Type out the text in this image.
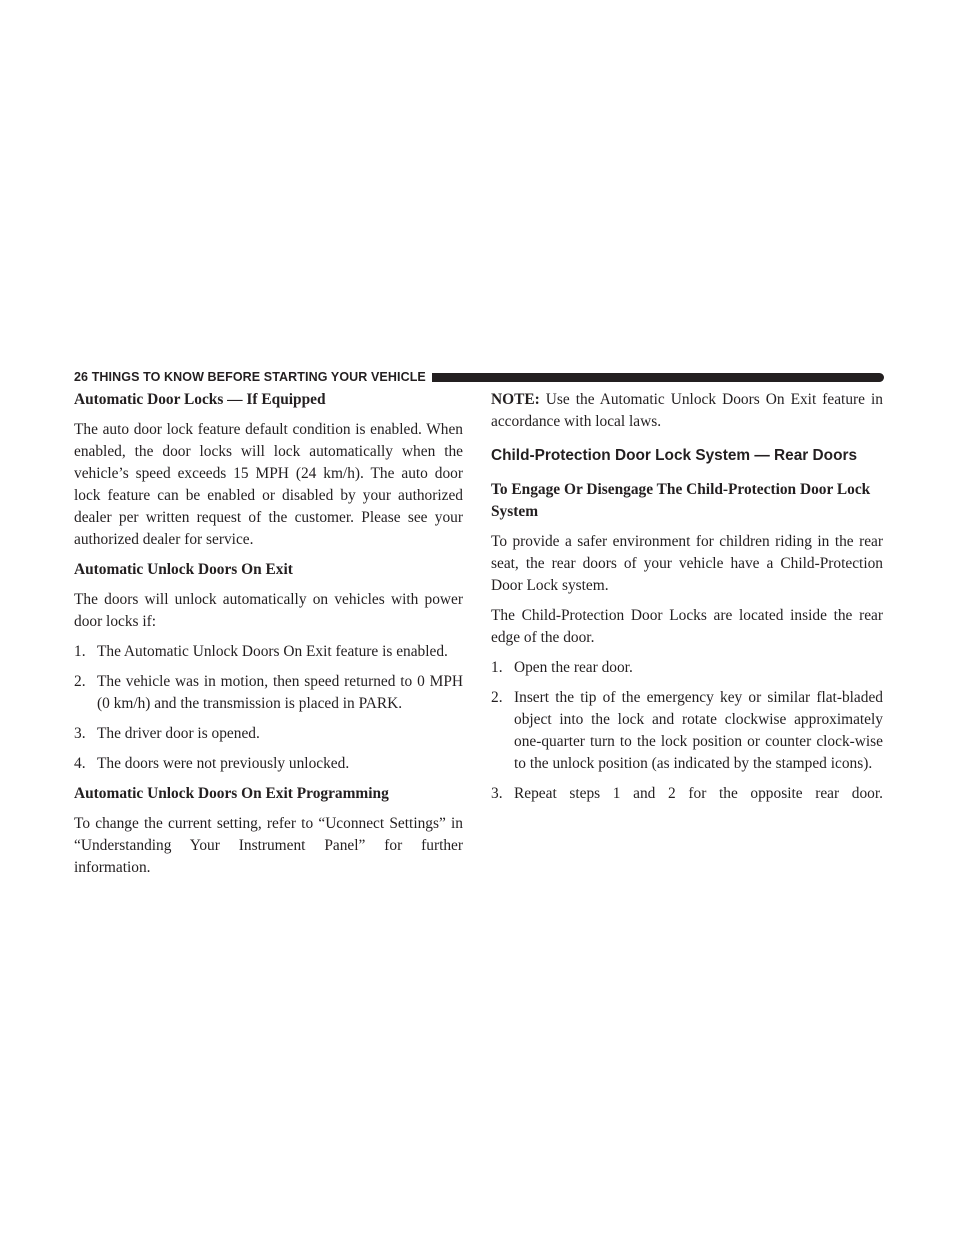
26
THINGS TO KNOW BEFORE STARTING YOUR VEHICLE

Automatic Door Locks — If Equipped

The auto door lock feature default condition is enabled. When enabled, the door locks will lock automatically when the vehicle’s speed exceeds 15 MPH (24 km/h). The auto door lock feature can be enabled or disabled by your authorized dealer per written request of the customer. Please see your authorized dealer for service.

Automatic Unlock Doors On Exit

The doors will unlock automatically on vehicles with power door locks if:

1. The Automatic Unlock Doors On Exit feature is enabled.
2. The vehicle was in motion, then speed returned to 0 MPH (0 km/h) and the transmission is placed in PARK.
3. The driver door is opened.
4. The doors were not previously unlocked.

Automatic Unlock Doors On Exit Programming

To change the current setting, refer to “Uconnect Settings” in “Understanding Your Instrument Panel” for further information.

NOTE: Use the Automatic Unlock Doors On Exit feature in accordance with local laws.

Child-Protection Door Lock System — Rear Doors

To Engage Or Disengage The Child-Protection Door Lock System

To provide a safer environment for children riding in the rear seat, the rear doors of your vehicle have a Child-Protection Door Lock system.

The Child-Protection Door Locks are located inside the rear edge of the door.

1. Open the rear door.
2. Insert the tip of the emergency key or similar flat-bladed object into the lock and rotate clockwise approximately one-quarter turn to the lock position or counter clock-wise to the unlock position (as indicated by the stamped icons).
3. Repeat steps 1 and 2 for the opposite rear door.
